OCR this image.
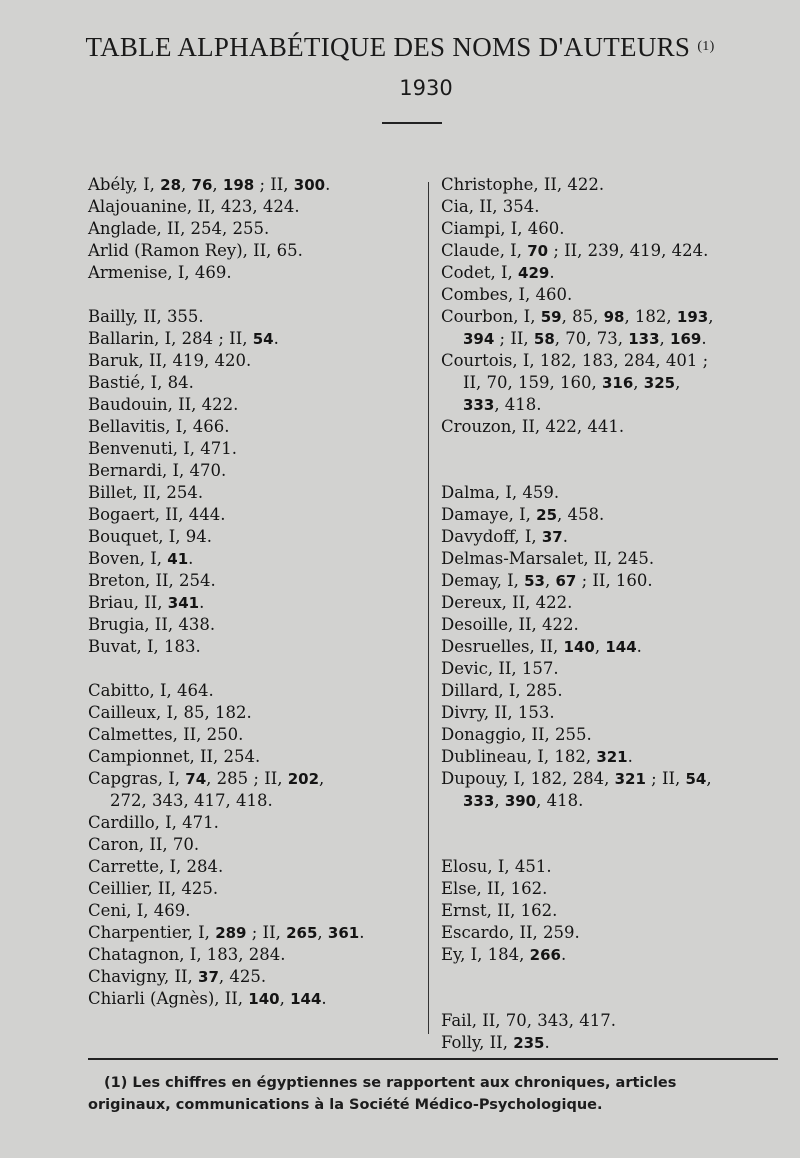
TABLE ALPHABÉTIQUE DES NOMS D'AUTEURS $^{(1)}$
1930
Abély, I, 28, 76, 198 ; II, 300.
Alajouanine, II, 423, 424.
Anglade, II, 254, 255.
Arlid (Ramon Rey), II, 65.
Armenise, I, 469.
Bailly, II, 355.
Ballarin, I, 284 ; II, 54.
Baruk, II, 419, 420.
Bastié, I, 84.
Baudouin, II, 422.
Bellavitis, I, 466.
Benvenuti, I, 471.
Bernardi, I, 470.
Billet, II, 254.
Bogaert, II, 444.
Bouquet, I, 94.
Boven, I, 41.
Breton, II, 254.
Briau, II, 341.
Brugia, II, 438.
Buvat, I, 183.
Cabitto, I, 464.
Cailleux, I, 85, 182.
Calmettes, II, 250.
Campionnet, II, 254.
Capgras, I, 74, 285 ; II, 202,
272, 343, 417, 418.
Cardillo, I, 471.
Caron, II, 70.
Carrette, I, 284.
Ceillier, II, 425.
Ceni, I, 469.
Charpentier, I, 289 ; II, 265, 361.
Chatagnon, I, 183, 284.
Chavigny, II, 37, 425.
Chiarli (Agnès), II, 140, 144.
Christophe, II, 422.
Cia, II, 354.
Ciampi, I, 460.
Claude, I, 70 ; II, 239, 419, 424.
Codet, I, 429.
Combes, I, 460.
Courbon, I, 59, 85, 98, 182, 193,
394 ; II, 58, 70, 73, 133, 169.
Courtois, I, 182, 183, 284, 401 ;
II, 70, 159, 160, 316, 325,
333, 418.
Crouzon, II, 422, 441.
Dalma, I, 459.
Damaye, I, 25, 458.
Davydoff, I, 37.
Delmas-Marsalet, II, 245.
Demay, I, 53, 67 ; II, 160.
Dereux, II, 422.
Desoille, II, 422.
Desruelles, II, 140, 144.
Devic, II, 157.
Dillard, I, 285.
Divry, II, 153.
Donaggio, II, 255.
Dublineau, I, 182, 321.
Dupouy, I, 182, 284, 321 ; II, 54,
333, 390, 418.
Elosu, I, 451.
Else, II, 162.
Ernst, II, 162.
Escardo, II, 259.
Ey, I, 184, 266.
Fail, II, 70, 343, 417.
Folly, II, 235.
(1) Les chiffres en égyptiennes se rapportent aux chroniques, articles
originaux, communications à la Société Médico-Psychologique.
